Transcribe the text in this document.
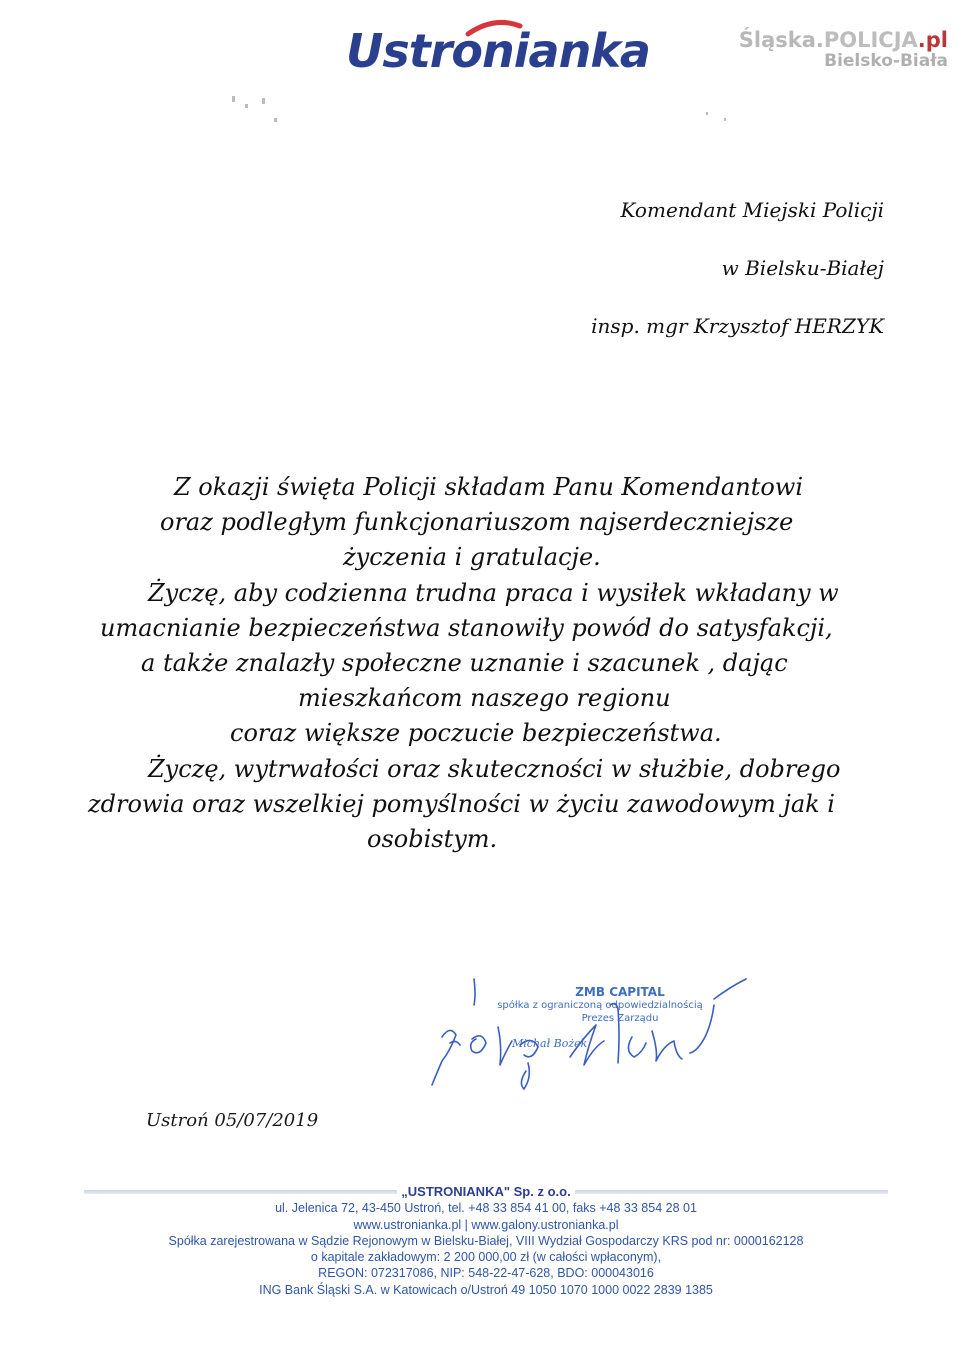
Ustronianka	Śląska. POLICJA .pl
Bielsko-Biała
Komendant Miejski Policji
w Bielsku-Białej
insp. mgr Krzysztof HERZYK
Z okazji święta Policji składam Panu Komendantowi
oraz podległym funkcjonariuszom najserdeczniejsze
życzenia i gratulacje.
Życzę, aby codzienna trudna praca i wysiłek wkładany w
umacnianie bezpieczeństwa stanowiły powód do satysfakcji,
a także znalazły społeczne uznanie i szacunek , dając
mieszkańcom naszego regionu
coraz większe poczucie bezpieczeństwa.
Życzę, wytrwałości oraz skuteczności w służbie, dobrego
zdrowia oraz wszelkiej pomyślności w życiu zawodowym jak i
osobistym.
ZMB CAPITAL
spółka z ograniczoną odpowiedzialnością
Prezes Zarządu
Michał Bożek
Ustroń 05/07/2019
„USTRONIANKA" Sp. z o.o.
ul. Jelenica 72, 43-450 Ustroń, tel. +48 33 854 41 00, faks +48 33 854 28 01
www.ustronianka.pl | www.galony.ustronianka.pl
Spółka zarejestrowana w Sądzie Rejonowym w Bielsku-Białej, VIII Wydział Gospodarczy KRS pod nr: 0000162128
o kapitale zakładowym: 2 200 000,00 zł (w całości wpłaconym),
REGON: 072317086, NIP: 548-22-47-628, BDO: 000043016
ING Bank Śląski S.A. w Katowicach o/Ustroń 49 1050 1070 1000 0022 2839 1385
